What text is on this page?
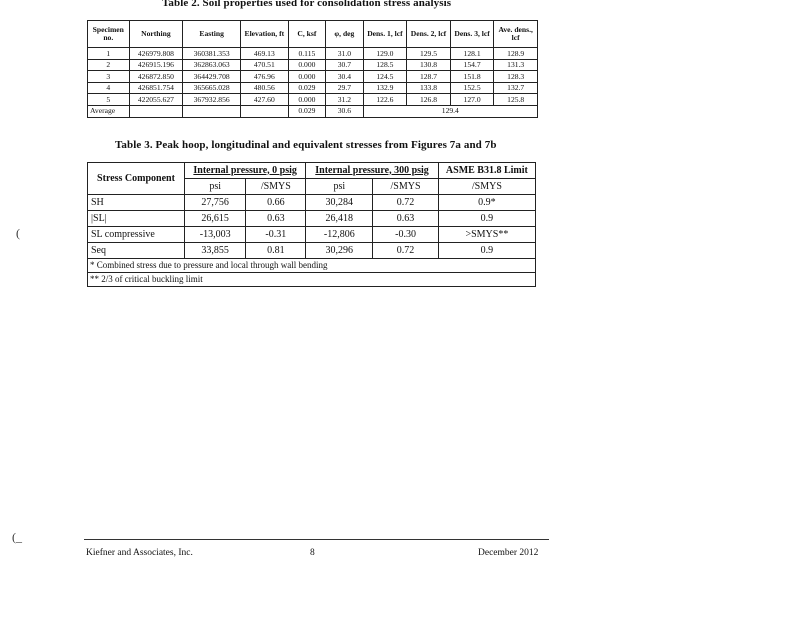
Table 2. Soil properties used for consolidation stress analysis
Specimen no.	Northing	Easting	Elevation, ft	C, ksf	φ, deg	Dens. 1, lcf	Dens. 2, lcf	Dens. 3, lcf	Ave. dens., lcf
1	426979.808	360381.353	469.13	0.115	31.0	129.0	129.5	128.1	128.9
2	426915.196	362863.063	470.51	0.000	30.7	128.5	130.8	154.7	131.3
3	426872.850	364429.708	476.96	0.000	30.4	124.5	128.7	151.8	128.3
4	426851.754	365665.028	480.56	0.029	29.7	132.9	133.8	152.5	132.7
5	422055.627	367932.856	427.60	0.000	31.2	122.6	126.8	127.0	125.8
Average				0.029	30.6	129.4			
Table 3. Peak hoop, longitudinal and equivalent stresses from Figures 7a and 7b
Stress Component	Internal pressure, 0 psig		Internal pressure, 300 psig		ASME B31.8 Limit
	psi	/SMYS	psi	/SMYS	/SMYS
SH	27,756	0.66	30,284	0.72	0.9*
|SL|	26,615	0.63	26,418	0.63	0.9
SL compressive	-13,003	-0.31	-12,806	-0.30	>SMYS**
Seq	33,855	0.81	30,296	0.72	0.9
* Combined stress due to pressure and local through wall bending					
** 2/3 of critical buckling limit					
(
(_
Kiefner and Associates, Inc.	8	December 2012
